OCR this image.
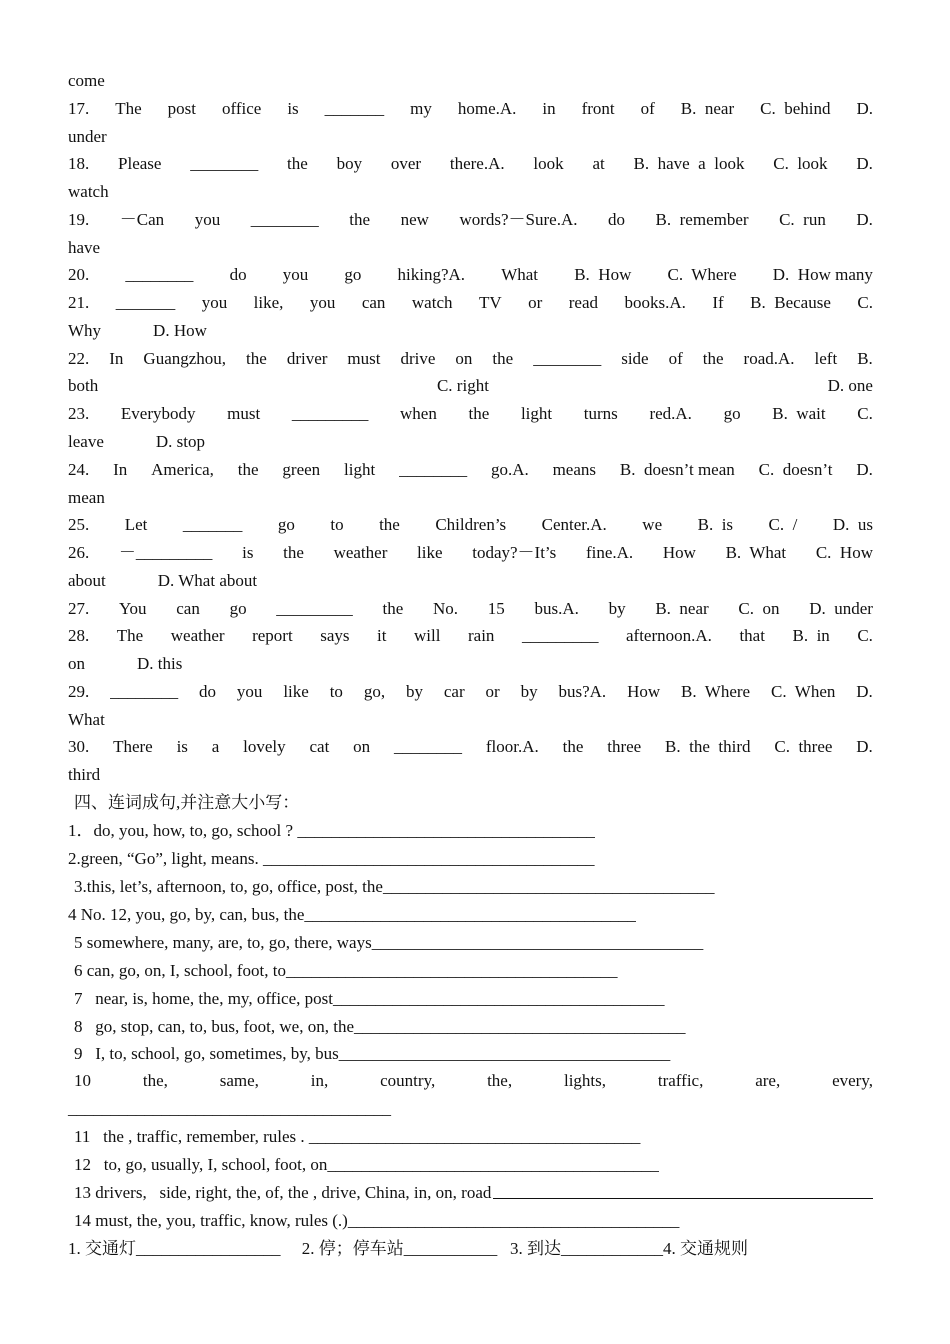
come
17. The post office is _______ my home.A. in front of B.  near C.  behind D.
under
18. Please ________ the boy over there.A. look at B.  have  a  look C.  look D.
watch
19. －Can you ________ the new words?－Sure.A. do B.  remember C.  run D.
have
20. ________ do you go hiking?A. What B.  How C.  Where D.  How many
21. _______ you like, you can watch TV or read books.A. If B.  Because C.
Why	D. How
22. In Guangzhou, the driver must drive on the ________ side of the road.A. left B.
both	C. right	D. one
23. Everybody must _________ when the light turns red.A. go B.  wait C.
leave	D. stop
24. In America, the green light ________ go.A. means B.  doesn’t mean C.  doesn’t D.
mean
25. Let _______ go to the Children’s Center.A. we B.  is C.  / D.  us
26. －_________ is the weather like today?－It’s fine.A. How B.  What C.  How
about	D. What about
27. You can go _________ the No. 15 bus.A. by B.  near C.  on D.  under
28. The weather report says it will rain _________ afternoon.A. that B.  in C.
on	D. this
29. ________ do you like to go, by car or by bus?A. How B.  Where C.  When D.
What
30. There is a lovely cat on ________ floor.A. the three B.  the  third C.  three D.
third
四、连词成句,并注意大小写：
1．do, you, how, to, go, school ? ___________________________________
2.green, “Go”, light, means. _______________________________________
3.this, let’s, afternoon, to, go, office, post, the_______________________________________
4 No. 12, you, go, by, can, bus, the_______________________________________
5 somewhere, many, are, to, go, there, ways_______________________________________
6 can, go, on, I, school, foot, to_______________________________________
7   near, is, home, the, my, office, post_______________________________________
8   go, stop, can, to, bus, foot, we, on, the_______________________________________
9   I, to, school, go, sometimes, by, bus_______________________________________
10	the,	same,	in,	country,	the,	lights,	traffic,	are,	every,
______________________________________
11   the , traffic, remember, rules . _______________________________________
12   to, go, usually, I, school, foot, on_______________________________________
13 drivers,   side, right, the, of, the , drive, China, in, on, road
14 must, the, you, traffic, know, rules (.)_______________________________________
1. 交通灯_________________     2. 停；停车站___________   3. 到达____________4. 交通规则
